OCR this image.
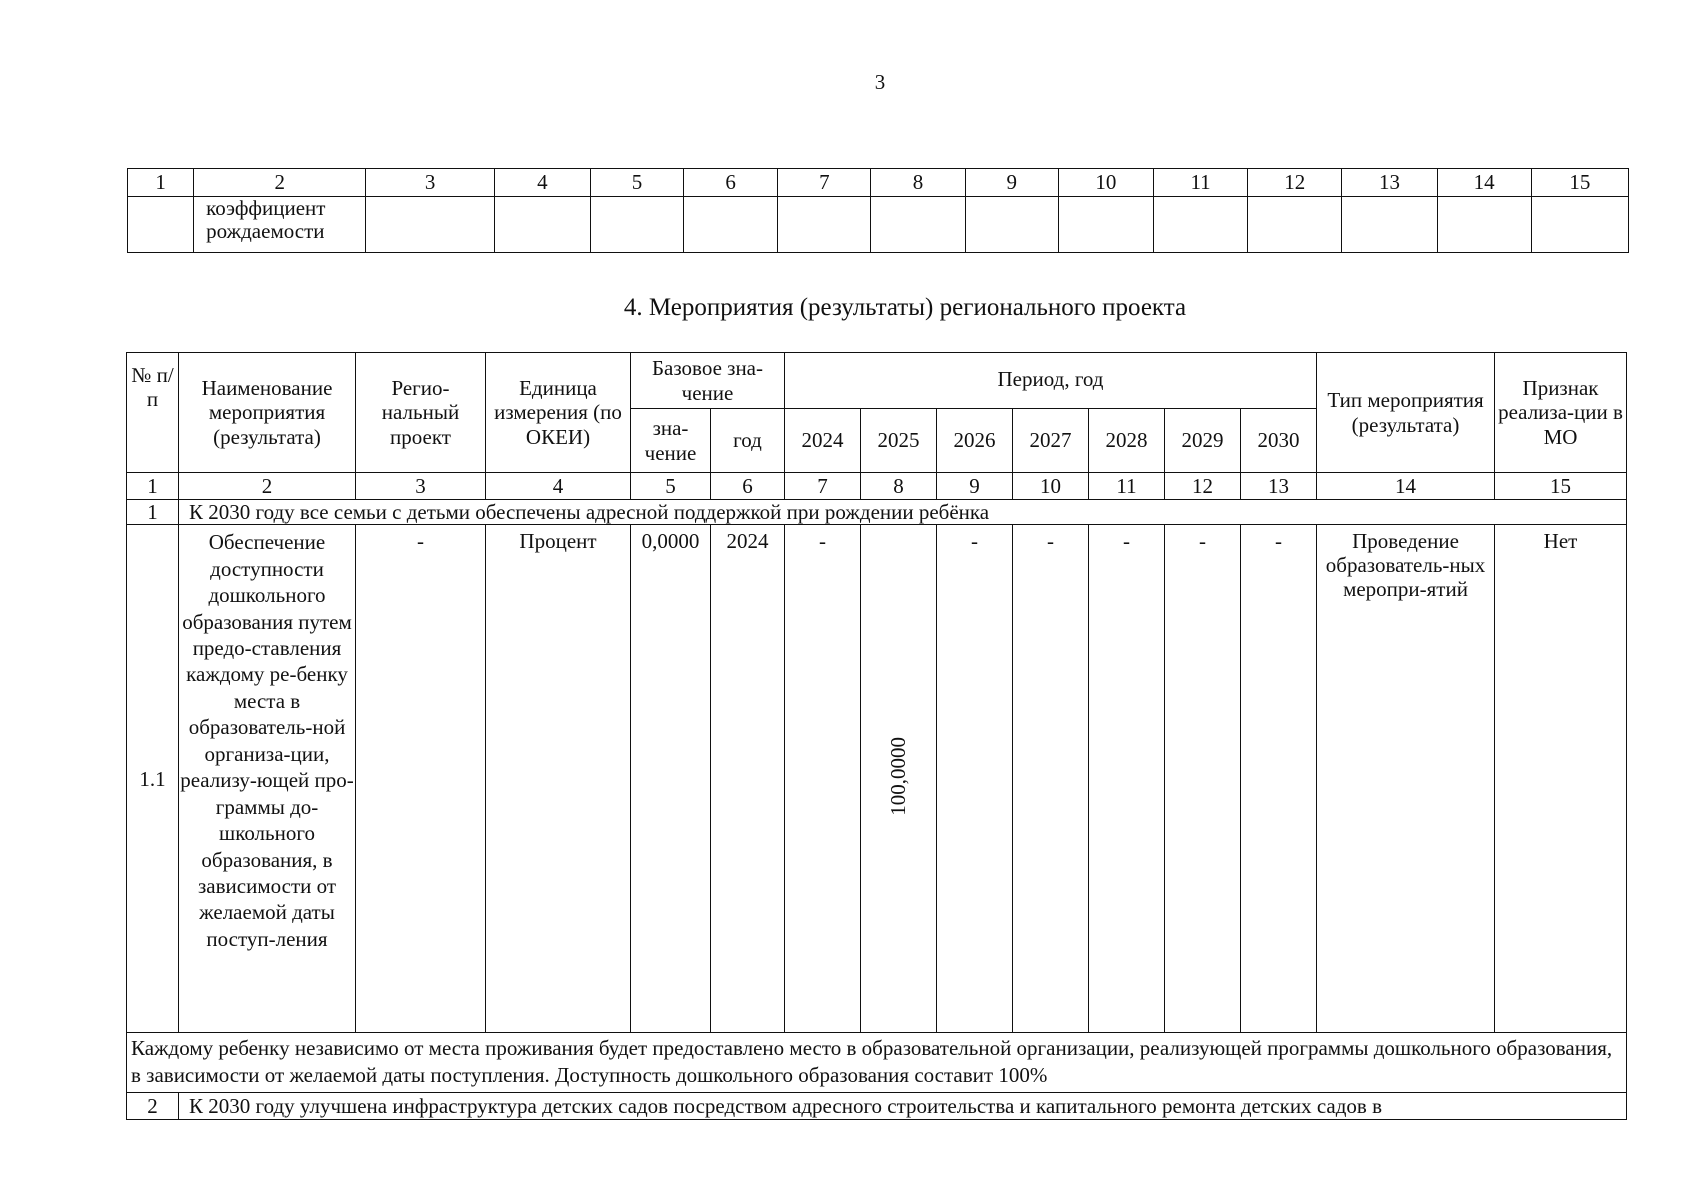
3
1	2	3	4	5	6	7	8	9	10	11	12	13	14	15
	коэффициент рождаемости													
4. Мероприятия (результаты) регионального проекта
№ п/п	Наименование мероприятия (результата)	Регио-нальный проект	Единица измерения (по ОКЕИ)	Базовое зна-чение		Период, год							Тип мероприятия (результата)	Признак реализа-ции в МО
				зна-чение	год	2024	2025	2026	2027	2028	2029	2030		
1	2	3	4	5	6	7	8	9	10	11	12	13	14	15
1	К 2030 году все семьи с детьми обеспечены адресной поддержкой при рождении ребёнка													
1.1	Обеспечение доступности дошкольного образования путем предо-ставления каждому ре-бенку места в образователь-ной организа-ции, реализу-ющей про-граммы до-школьного образования, в зависимости от желаемой даты поступ-ления	-	Процент	0,0000	2024	-	100,0000	-	-	-	-	-	Проведение образователь-ных меропри-ятий	Нет
Каждому ребенку независимо от места проживания будет предоставлено место в образовательной организации, реализующей программы дошкольного образования, в зависимости от желаемой даты поступления. Доступность дошкольного образования составит 100%														
2	К 2030 году улучшена инфраструктура детских садов посредством адресного строительства и капитального ремонта детских садов в													
